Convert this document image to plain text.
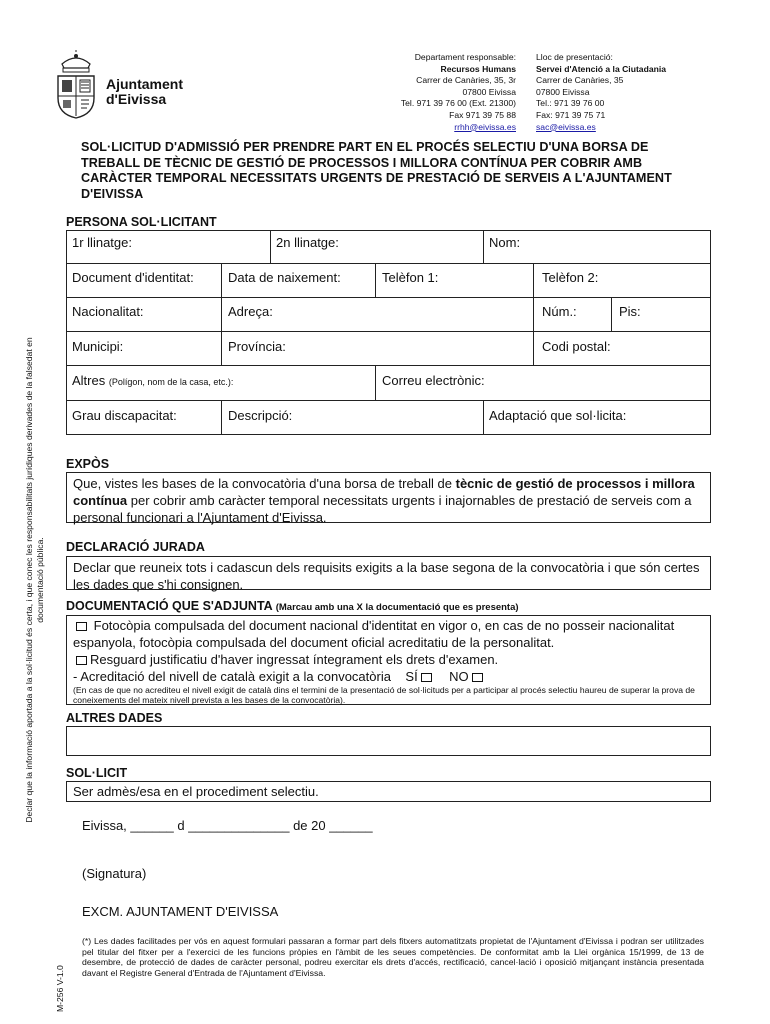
Ajuntament
d'Eivissa
Departament responsable:
Recursos Humans
Carrer de Canàries, 35, 3r
07800 Eivissa
Tel. 971 39 76 00 (Ext. 21300)
Fax 971 39 75 88
rrhh@eivissa.es
Lloc de presentació:
Servei d'Atenció a la Ciutadania
Carrer de Canàries, 35
07800 Eivissa
Tel.: 971 39 76 00
Fax: 971 39 75 71
sac@eivissa.es
SOL·LICITUD D'ADMISSIÓ PER PRENDRE PART EN EL PROCÉS SELECTIU D'UNA BORSA DE TREBALL DE TÈCNIC DE GESTIÓ DE PROCESSOS I MILLORA CONTÍNUA PER COBRIR AMB CARÀCTER TEMPORAL NECESSITATS URGENTS DE PRESTACIÓ DE SERVEIS A L'AJUNTAMENT D'EIVISSA
PERSONA SOL·LICITANT
1r llinatge:	2n llinatge:	Nom:
Document d'identitat:	Data de naixement:	Telèfon 1:	Telèfon 2:
Nacionalitat:	Adreça:	Núm.:	Pis:
Municipi:	Província:	Codi postal:
Altres (Polígon, nom de la casa, etc.):	Correu electrònic:
Grau discapacitat:	Descripció:	Adaptació que sol·licita:
EXPÒS
Que, vistes les bases de la convocatòria d'una borsa de treball de tècnic de gestió de processos i millora contínua per cobrir amb caràcter temporal necessitats urgents i inajornables de prestació de serveis com a personal funcionari a l'Ajuntament d'Eivissa.
DECLARACIÓ JURADA
Declar que reuneix tots i cadascun dels requisits exigits a la base segona de la convocatòria i que són certes les dades que s'hi consignen.
DOCUMENTACIÓ QUE S'ADJUNTA (Marcau amb una X la documentació que es presenta)
Fotocòpia compulsada del document nacional d'identitat en vigor o, en cas de no posseir nacionalitat espanyola, fotocòpia compulsada del document oficial acreditatiu de la personalitat.
Resguard justificatiu d'haver ingressat íntegrament els drets d'examen.
- Acreditació del nivell de català exigit a la convocatòria SÍ NO
(En cas de que no acrediteu el nivell exigit de català dins el termini de la presentació de sol·licituds per a participar al procés selectiu haureu de superar la prova de coneixements del mateix nivell prevista a les bases de la convocatòria).
ALTRES DADES
SOL·LICIT
Ser admès/esa en el procediment selectiu.
Eivissa, ______ d ______________ de 20 ______
(Signatura)
EXCM. AJUNTAMENT D'EIVISSA
(*) Les dades facilitades per vós en aquest formulari passaran a formar part dels fitxers automatitzats propietat de l'Ajuntament d'Eivissa i podran ser utilitzades pel titular del fitxer per a l'exercici de les funcions pròpies en l'àmbit de les seues competències. De conformitat amb la Llei orgànica 15/1999, de 13 de desembre, de protecció de dades de caràcter personal, podreu exercitar els drets d'accés, rectificació, cancel·lació i oposició mitjançant instància presentada davant el Registre General d'Entrada de l'Ajuntament d'Eivissa.
Declar que la informació aportada a la sol·licitud és certa, i que conec les responsabilitats jurídiques derivades de la falsedat en documentació pública.
M-256 V-1.0
